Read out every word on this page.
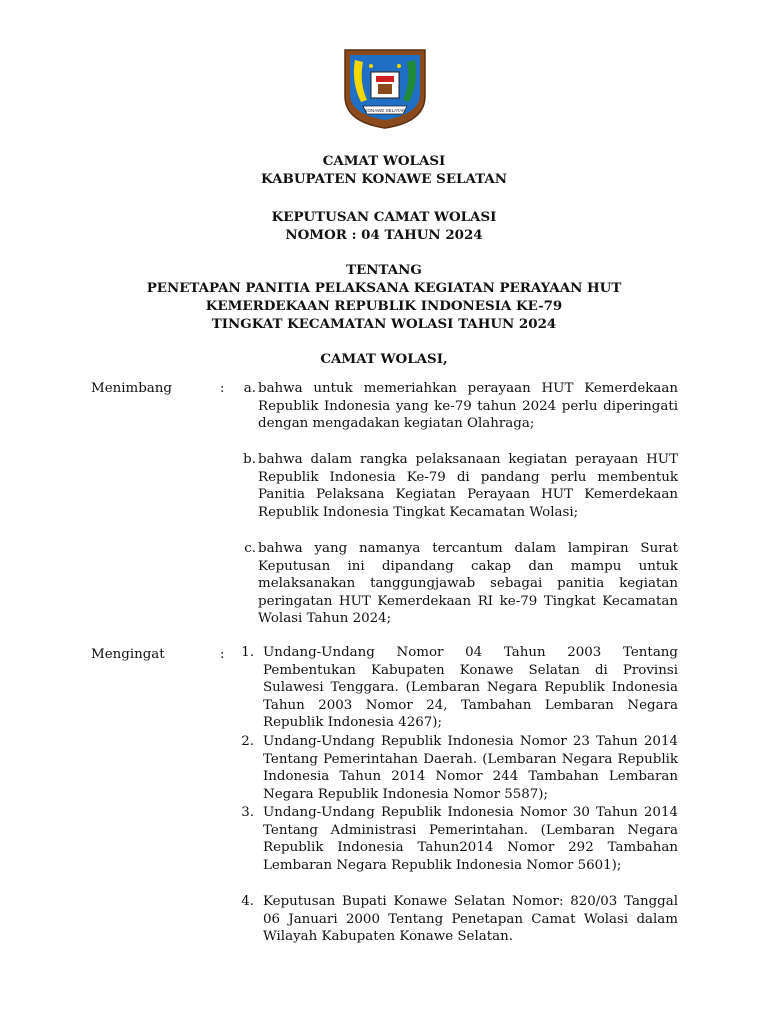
KONAWE SELATAN
CAMAT WOLASI
KABUPATEN KONAWE SELATAN
KEPUTUSAN CAMAT WOLASI
NOMOR : 04 TAHUN 2024
TENTANG
PENETAPAN PANITIA PELAKSANA KEGIATAN PERAYAAN HUT
KEMERDEKAAN REPUBLIK INDONESIA KE-79
TINGKAT KECAMATAN WOLASI TAHUN 2024
CAMAT WOLASI,
Menimbang	:	a. bahwa untuk memeriahkan perayaan HUT Kemerdekaan Republik Indonesia yang ke-79 tahun 2024 perlu diperingati dengan mengadakan kegiatan Olahraga;
b. bahwa dalam rangka pelaksanaan kegiatan perayaan HUT Republik Indonesia Ke-79 di pandang perlu membentuk Panitia Pelaksana Kegiatan Perayaan HUT Kemerdekaan Republik Indonesia Tingkat Kecamatan Wolasi;
c. bahwa yang namanya tercantum dalam lampiran Surat Keputusan ini dipandang cakap dan mampu untuk melaksanakan tanggungjawab sebagai panitia kegiatan peringatan HUT Kemerdekaan RI ke-79 Tingkat Kecamatan Wolasi Tahun 2024;
Mengingat	:	1. Undang-Undang Nomor 04 Tahun 2003 Tentang Pembentukan Kabupaten Konawe Selatan di Provinsi Sulawesi Tenggara. (Lembaran Negara Republik Indonesia Tahun 2003 Nomor 24, Tambahan Lembaran Negara Republik Indonesia 4267);
2. Undang-Undang Republik Indonesia Nomor 23 Tahun 2014 Tentang Pemerintahan Daerah. (Lembaran Negara Republik Indonesia Tahun 2014 Nomor 244 Tambahan Lembaran Negara Republik Indonesia Nomor 5587);
3. Undang-Undang Republik Indonesia Nomor 30 Tahun 2014 Tentang Administrasi Pemerintahan. (Lembaran Negara Republik Indonesia Tahun2014 Nomor 292 Tambahan Lembaran Negara Republik Indonesia Nomor 5601);
4. Keputusan Bupati Konawe Selatan Nomor: 820/03 Tanggal 06 Januari 2000 Tentang Penetapan Camat Wolasi dalam Wilayah Kabupaten Konawe Selatan.
